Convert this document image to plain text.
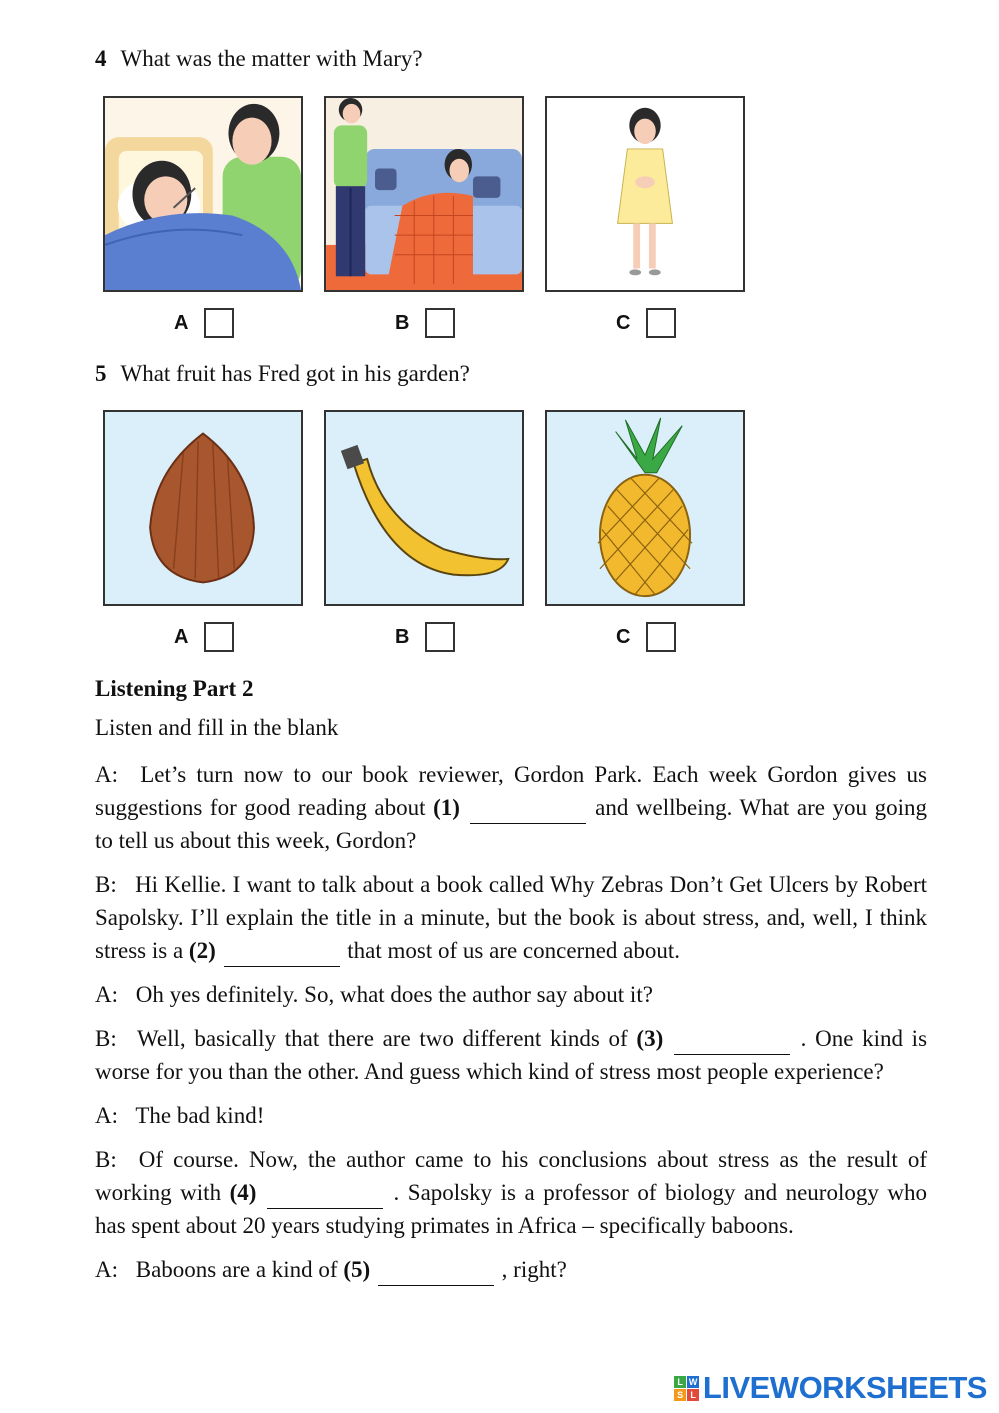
4 What was the matter with Mary?
A	B	C
5 What fruit has Fred got in his garden?
A	B	C
Listening Part 2
Listen and fill in the blank

A: Let’s turn now to our book reviewer, Gordon Park. Each week Gordon gives us suggestions for good reading about (1)	and wellbeing. What are you going to tell us about this week, Gordon?

B: Hi Kellie. I want to talk about a book called Why Zebras Don’t Get Ulcers by Robert Sapolsky. I’ll explain the title in a minute, but the book is about stress, and, well, I think stress is a (2)	that most of us are concerned about.

A: Oh yes definitely. So, what does the author say about it?

B: Well, basically that there are two different kinds of (3)	. One kind is worse for you than the other. And guess which kind of stress most people experience?

A: The bad kind!

B: Of course. Now, the author came to his conclusions about stress as the result of working with (4)	. Sapolsky is a professor of biology and neurology who has spent about 20 years studying primates in Africa – specifically baboons.

A: Baboons are a kind of (5)	, right?

L W
S L LIVEWORKSHEETS
